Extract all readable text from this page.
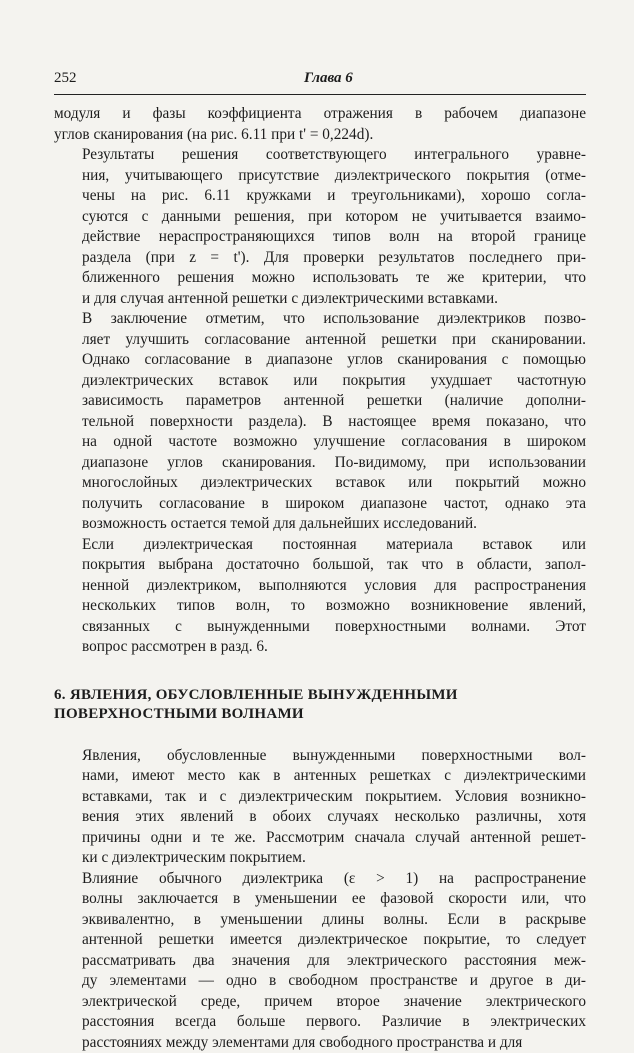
252	Глава 6

модуля и фазы коэффициента отражения в рабочем диапазоне
углов сканирования (на рис. 6.11 при t' = 0,224d).

Результаты решения соответствующего интегрального уравне-
ния, учитывающего присутствие диэлектрического покрытия (отме-
чены на рис. 6.11 кружками и треугольниками), хорошо согла-
суются с данными решения, при котором не учитывается взаимо-
действие нераспространяющихся типов волн на второй границе
раздела (при z = t'). Для проверки результатов последнего при-
ближенного решения можно использовать те же критерии, что
и для случая антенной решетки с диэлектрическими вставками.

В заключение отметим, что использование диэлектриков позво-
ляет улучшить согласование антенной решетки при сканировании.
Однако согласование в диапазоне углов сканирования с помощью
диэлектрических вставок или покрытия ухудшает частотную
зависимость параметров антенной решетки (наличие дополни-
тельной поверхности раздела). В настоящее время показано, что
на одной частоте возможно улучшение согласования в широком
диапазоне углов сканирования. По-видимому, при использовании
многослойных диэлектрических вставок или покрытий можно
получить согласование в широком диапазоне частот, однако эта
возможность остается темой для дальнейших исследований.

Если диэлектрическая постоянная материала вставок или
покрытия выбрана достаточно большой, так что в области, запол-
ненной диэлектриком, выполняются условия для распространения
нескольких типов волн, то возможно возникновение явлений,
связанных с вынужденными поверхностными волнами. Этот
вопрос рассмотрен в разд. 6.

6. ЯВЛЕНИЯ, ОБУСЛОВЛЕННЫЕ ВЫНУЖДЕННЫМИ
ПОВЕРХНОСТНЫМИ ВОЛНАМИ

Явления, обусловленные вынужденными поверхностными вол-
нами, имеют место как в антенных решетках с диэлектрическими
вставками, так и с диэлектрическим покрытием. Условия возникно-
вения этих явлений в обоих случаях несколько различны, хотя
причины одни и те же. Рассмотрим сначала случай антенной решет-
ки с диэлектрическим покрытием.

Влияние обычного диэлектрика (ε > 1) на распространение
волны заключается в уменьшении ее фазовой скорости или, что
эквивалентно, в уменьшении длины волны. Если в раскрыве
антенной решетки имеется диэлектрическое покрытие, то следует
рассматривать два значения для электрического расстояния меж-
ду элементами — одно в свободном пространстве и другое в ди-
электрической среде, причем второе значение электрического
расстояния всегда больше первого. Различие в электрических
расстояниях между элементами для свободного пространства и для
